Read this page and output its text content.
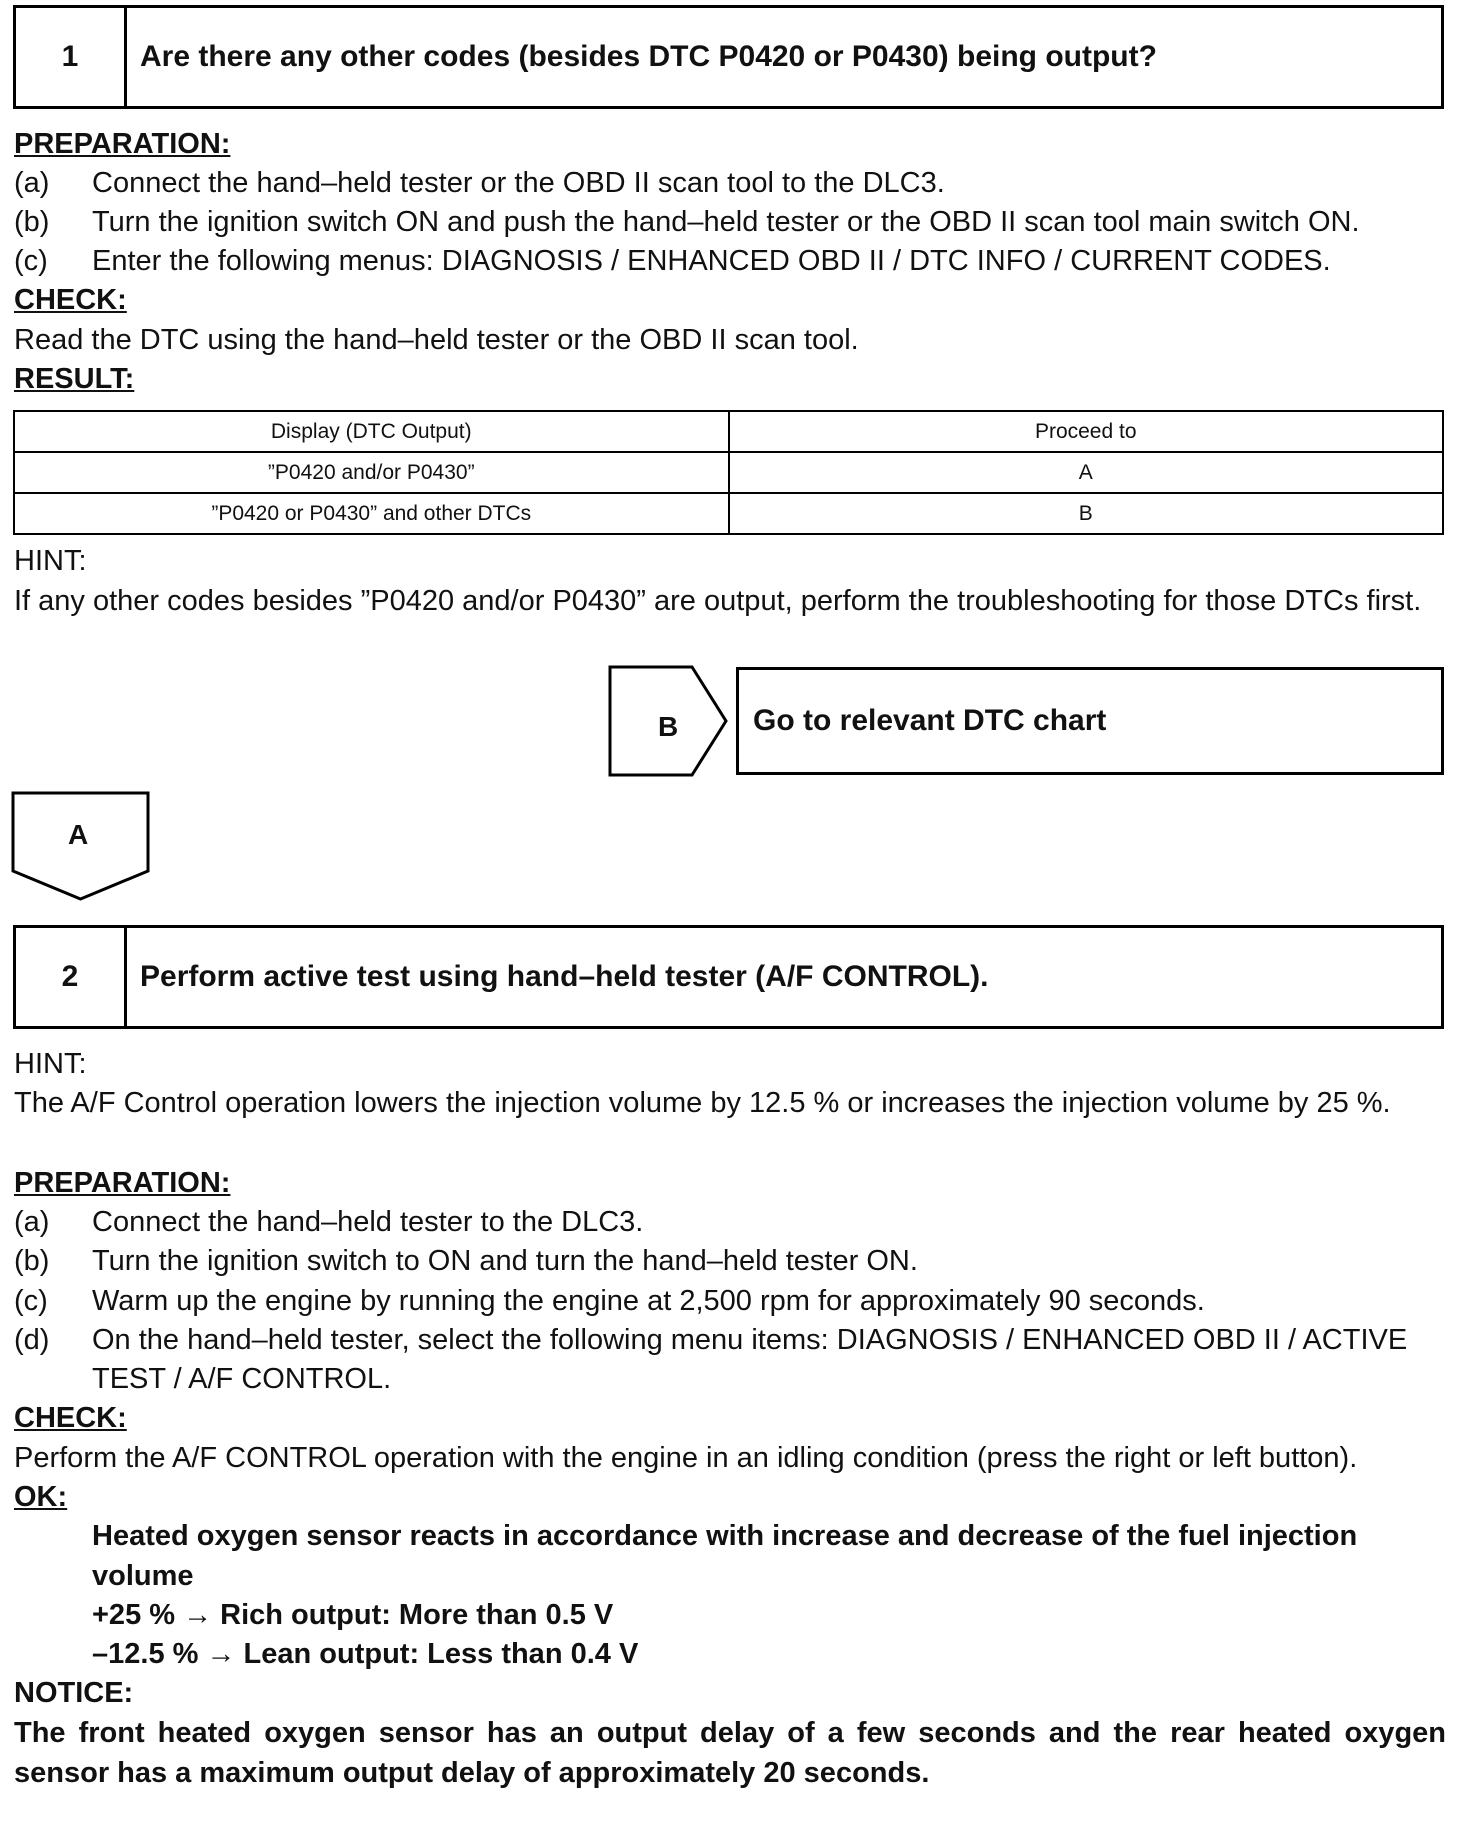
1	Are there any other codes (besides DTC P0420 or P0430) being output?
PREPARATION:
(a) Connect the hand–held tester or the OBD II scan tool to the DLC3.
(b) Turn the ignition switch ON and push the hand–held tester or the OBD II scan tool main switch ON.
(c) Enter the following menus: DIAGNOSIS / ENHANCED OBD II / DTC INFO / CURRENT CODES.
CHECK:
Read the DTC using the hand–held tester or the OBD II scan tool.
RESULT:
Display (DTC Output)	Proceed to
”P0420 and/or P0430”	A
”P0420 or P0430” and other DTCs	B
HINT:
If any other codes besides ”P0420 and/or P0430” are output, perform the troubleshooting for those DTCs first.
B Go to relevant DTC chart
A
2	Perform active test using hand–held tester (A/F CONTROL).
HINT:
The A/F Control operation lowers the injection volume by 12.5 % or increases the injection volume by 25 %.
PREPARATION:
(a) Connect the hand–held tester to the DLC3.
(b) Turn the ignition switch to ON and turn the hand–held tester ON.
(c) Warm up the engine by running the engine at 2,500 rpm for approximately 90 seconds.
(d) On the hand–held tester, select the following menu items: DIAGNOSIS / ENHANCED OBD II / ACTIVE
TEST / A/F CONTROL.
CHECK:
Perform the A/F CONTROL operation with the engine in an idling condition (press the right or left button).
OK:
Heated oxygen sensor reacts in accordance with increase and decrease of the fuel injection
volume
+25 % → Rich output: More than 0.5 V
–12.5 % → Lean output: Less than 0.4 V
NOTICE:
The front heated oxygen sensor has an output delay of a few seconds and the rear heated oxygen sensor has a maximum output delay of approximately 20 seconds.
